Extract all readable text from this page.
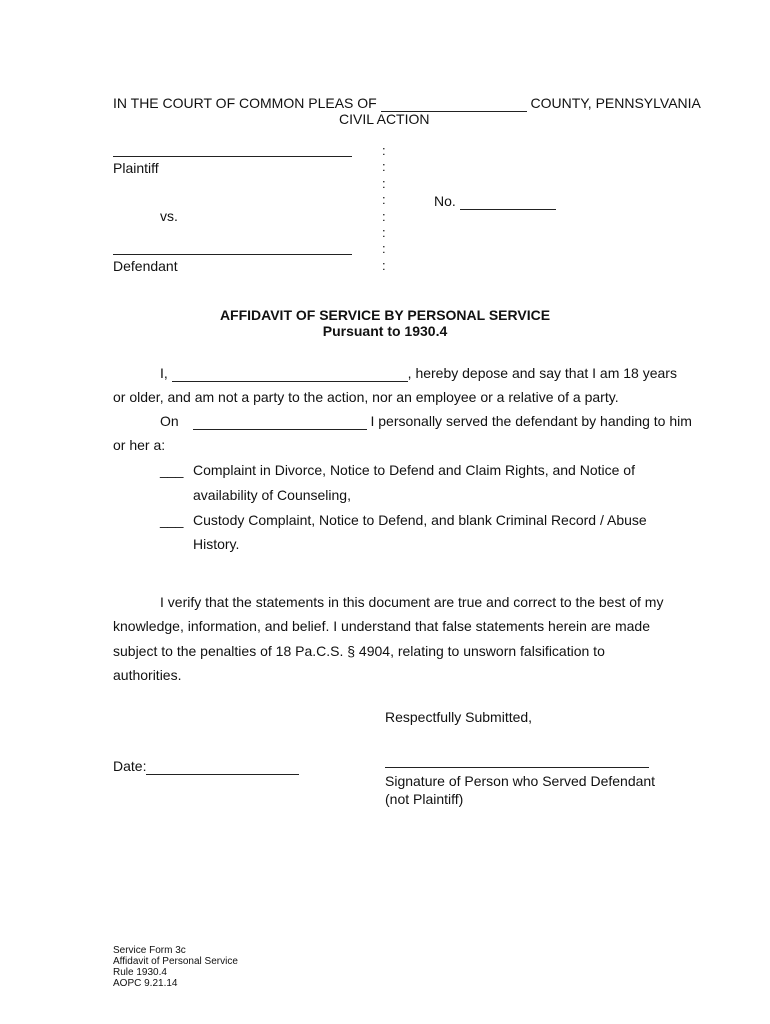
IN THE COURT OF COMMON PLEAS OF	COUNTY, PENNSYLVANIA
CIVIL ACTION
Plaintiff
vs.
Defendant
:
:
:
:
:
:
:
:
No.
AFFIDAVIT OF SERVICE BY PERSONAL SERVICE
Pursuant to 1930.4
I,	, hereby depose and say that I am 18 years
or older, and am not a party to the action, nor an employee or a relative of a party.
On	I personally served the defendant by handing to him
or her a:
___ Complaint in Divorce, Notice to Defend and Claim Rights, and Notice of
availability of Counseling,
___ Custody Complaint, Notice to Defend, and blank Criminal Record / Abuse
History.
I verify that the statements in this document are true and correct to the best of my
knowledge, information, and belief. I understand that false statements herein are made
subject to the penalties of 18 Pa.C.S. § 4904, relating to unsworn falsification to
authorities.
Respectfully Submitted,
Date:
Signature of Person who Served Defendant
(not Plaintiff)
Service Form 3c
Affidavit of Personal Service
Rule 1930.4
AOPC 9.21.14
